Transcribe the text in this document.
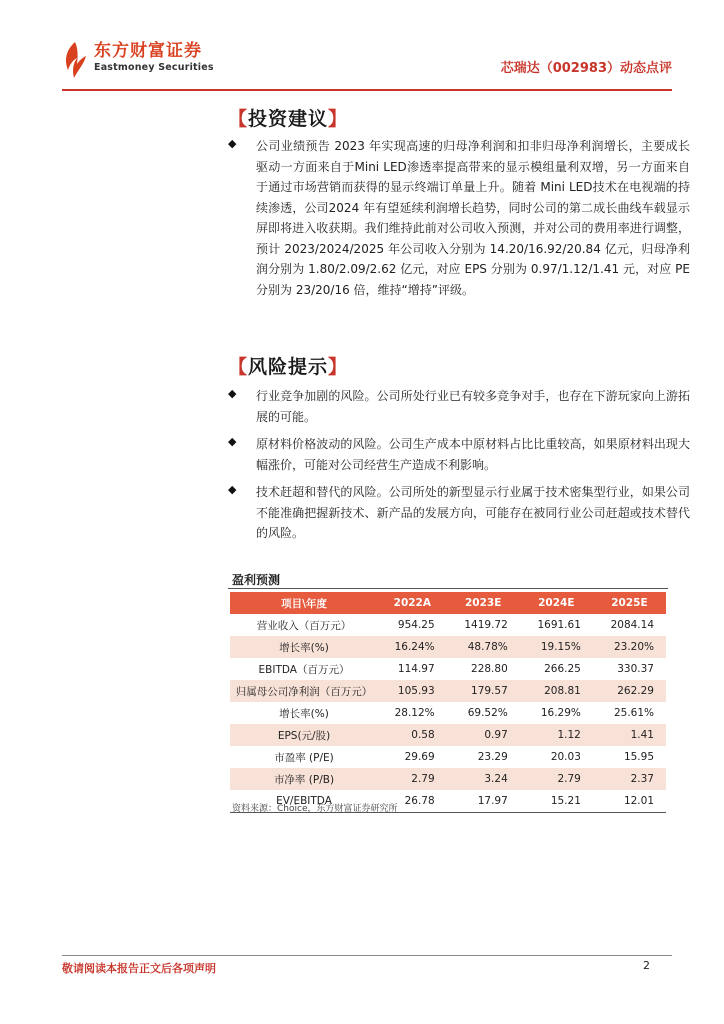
东方财富证券
Eastmoney Securities	芯瑞达（002983）动态点评
【投资建议】
◆ 公司业绩预告 2023 年实现高速的归母净利润和扣非归母净利润增长，主要成长驱动一方面来自于Mini LED渗透率提高带来的显示模组量利双增，另一方面来自于通过市场营销而获得的显示终端订单量上升。随着 Mini LED技术在电视端的持续渗透，公司2024 年有望延续利润增长趋势，同时公司的第二成长曲线车载显示屏即将进入收获期。我们维持此前对公司收入预测，并对公司的费用率进行调整，预计 2023/2024/2025 年公司收入分别为 14.20/16.92/20.84 亿元，归母净利润分别为 1.80/2.09/2.62 亿元，对应 EPS 分别为 0.97/1.12/1.41 元，对应 PE 分别为 23/20/16 倍，维持“增持”评级。
【风险提示】
◆ 行业竞争加剧的风险。公司所处行业已有较多竞争对手，也存在下游玩家向上游拓展的可能。
◆ 原材料价格波动的风险。公司生产成本中原材料占比比重较高，如果原材料出现大幅涨价，可能对公司经营生产造成不利影响。
◆ 技术赶超和替代的风险。公司所处的新型显示行业属于技术密集型行业，如果公司不能准确把握新技术、新产品的发展方向，可能存在被同行业公司赶超或技术替代的风险。
盈利预测
项目\年度	2022A	2023E	2024E	2025E
营业收入（百万元）	954.25	1419.72	1691.61	2084.14
增长率(%)	16.24%	48.78%	19.15%	23.20%
EBITDA（百万元）	114.97	228.80	266.25	330.37
归属母公司净利润（百万元）	105.93	179.57	208.81	262.29
增长率(%)	28.12%	69.52%	16.29%	25.61%
EPS(元/股)	0.58	0.97	1.12	1.41
市盈率 (P/E)	29.69	23.29	20.03	15.95
市净率 (P/B)	2.79	3.24	2.79	2.37
EV/EBITDA	26.78	17.97	15.21	12.01
资料来源：Choice，东方财富证券研究所
敬请阅读本报告正文后各项声明	2
